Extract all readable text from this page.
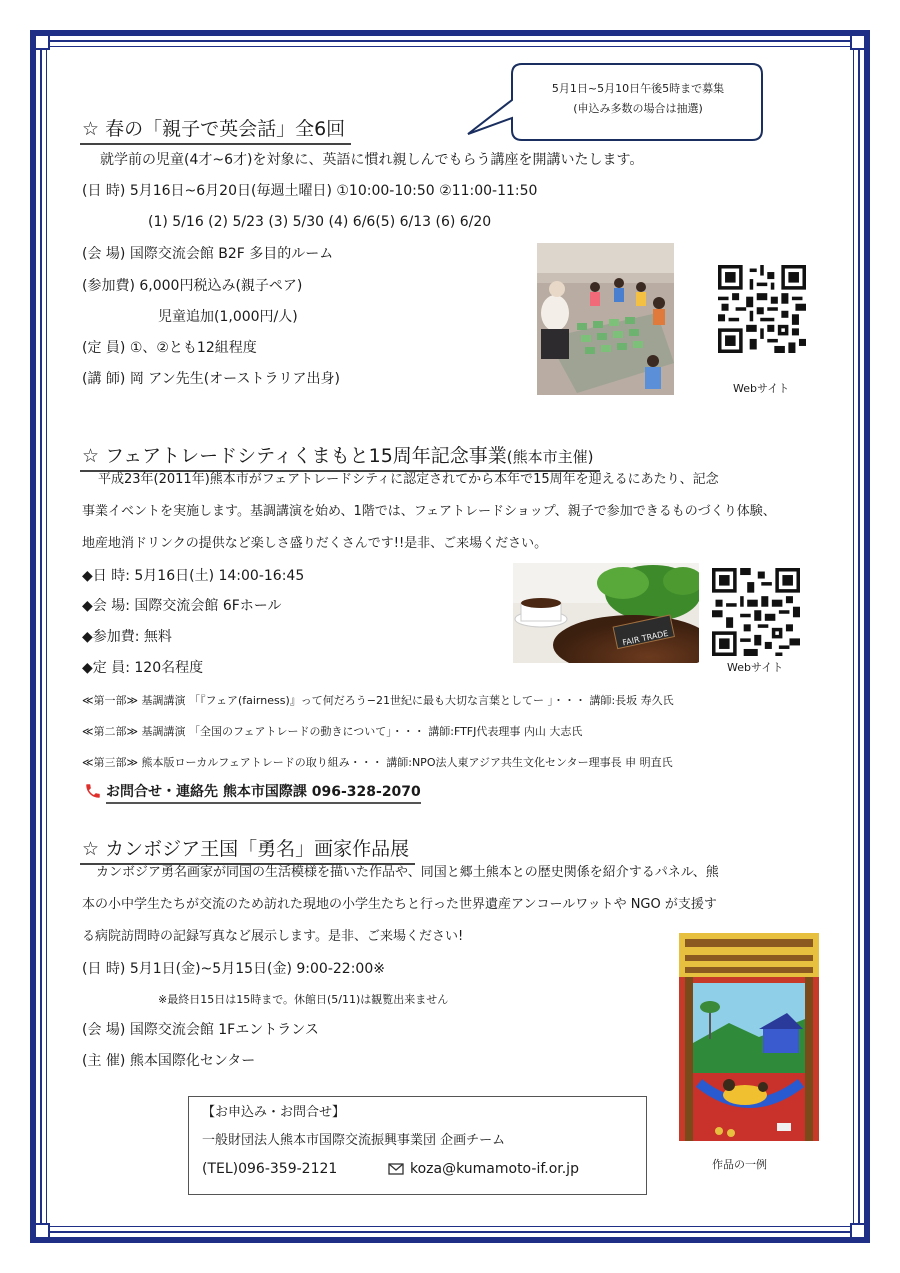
5月1日~5月10日午後5時まで募集
(申込み多数の場合は抽選)
☆ 春の「親子で英会話」全6回
就学前の児童(4才~6才)を対象に、英語に慣れ親しんでもらう講座を開講いたします。
(日 時) 5月16日~6月20日(毎週土曜日) ①10:00-10:50 ②11:00-11:50
(1) 5/16 (2) 5/23 (3) 5/30 (4) 6/6(5) 6/13 (6) 6/20
(会 場) 国際交流会館 B2F 多目的ルーム
(参加費) 6,000円税込み(親子ペア)
児童追加(1,000円/人)
(定 員) ①、②とも12組程度
(講 師) 岡 アン先生(オーストラリア出身)
Webサイト
☆ フェアトレードシティくまもと15周年記念事業(熊本市主催)
平成23年(2011年)熊本市がフェアトレードシティに認定されてから本年で15周年を迎えるにあたり、記念
事業イベントを実施します。基調講演を始め、1階では、フェアトレードショップ、親子で参加できるものづくり体験、
地産地消ドリンクの提供など楽しさ盛りだくさんです!!是非、ご来場ください。
◆日 時: 5月16日(土) 14:00-16:45
◆会 場: 国際交流会館 6Fホール
◆参加費: 無料
◆定 員: 120名程度
FAIR TRADE
Webサイト
≪第一部≫ 基調講演 「『フェア(fairness)』って何だろう−21世紀に最も大切な言葉としてー 」・・・ 講師:長坂 寿久氏
≪第二部≫ 基調講演 「全国のフェアトレードの動きについて」・・・ 講師:FTFJ代表理事 内山 大志氏
≪第三部≫ 熊本版ローカルフェアトレードの取り組み・・・ 講師:NPO法人東アジア共生文化センター理事長 申 明直氏
お問合せ・連絡先 熊本市国際課 096-328-2070
☆ カンボジア王国「勇名」画家作品展
カンボジア勇名画家が同国の生活模様を描いた作品や、同国と郷土熊本との歴史関係を紹介するパネル、熊
本の小中学生たちが交流のため訪れた現地の小学生たちと行った世界遺産アンコールワットや NGO が支援す
る病院訪問時の記録写真など展示します。是非、ご来場ください!
(日 時) 5月1日(金)~5月15日(金) 9:00-22:00※
※最終日15日は15時まで。休館日(5/11)は観覧出来ません
(会 場) 国際交流会館 1Fエントランス
(主 催) 熊本国際化センター
作品の一例
【お申込み・お問合せ】
一般財団法人熊本市国際交流振興事業団 企画チーム
(TEL)096-359-2121	koza@kumamoto-if.or.jp
